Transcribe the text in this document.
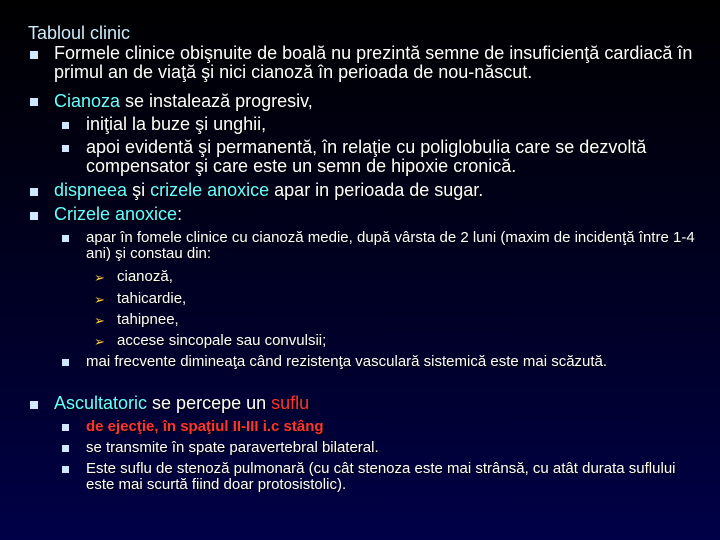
Tabloul clinic
Formele clinice obişnuite de boală nu prezintă semne de insuficienţă cardiacă în primul an de viaţă şi nici cianoză în perioada de nou-născut.
Cianoza se instalează progresiv,
iniţial la buze şi unghii,
apoi evidentă şi permanentă, în relaţie cu poliglobulia care se dezvoltă compensator şi care este un semn de hipoxie cronică.
dispneea şi crizele anoxice apar in perioada de sugar.
Crizele anoxice:
apar în fomele clinice cu cianoză medie, după vârsta de 2 luni (maxim de incidenţă între 1-4 ani) şi constau din:
➢ cianoză,
➢ tahicardie,
➢ tahipnee,
➢ accese sincopale sau convulsii;
mai frecvente dimineaţa când rezistenţa vasculară sistemică este mai scăzută.
Ascultatoric se percepe un suflu
de ejecţie, în spaţiul II-III i.c stâng
se transmite în spate paravertebral bilateral.
Este suflu de stenoză pulmonară (cu cât stenoza este mai strânsă, cu atât durata suflului este mai scurtă fiind doar protosistolic).
